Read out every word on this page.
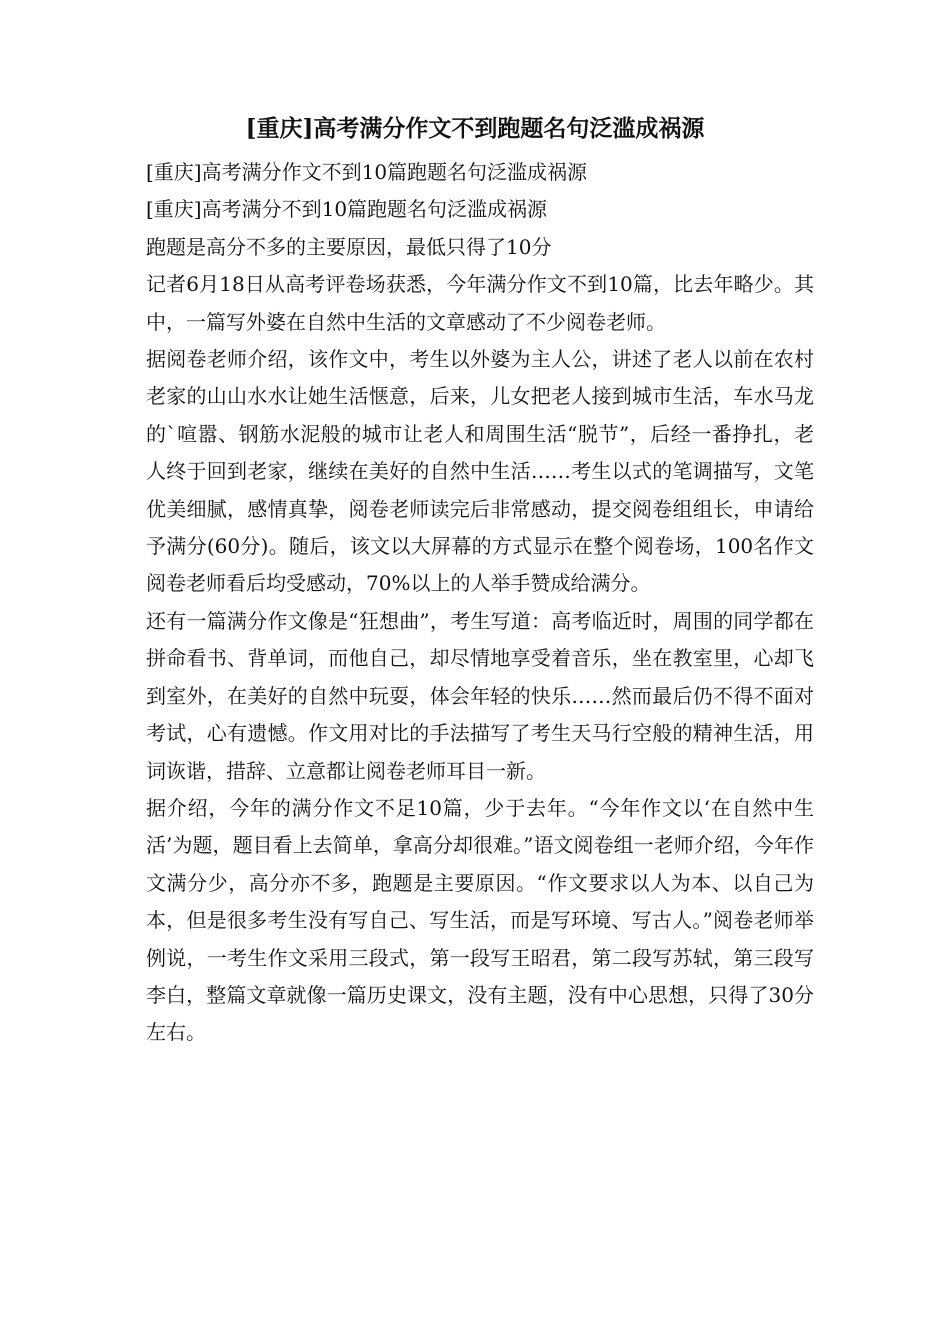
[重庆]高考满分作文不到跑题名句泛滥成祸源

[重庆]高考满分作文不到10篇跑题名句泛滥成祸源

[重庆]高考满分不到10篇跑题名句泛滥成祸源

跑题是高分不多的主要原因，最低只得了10分

记者6月18日从高考评卷场获悉，今年满分作文不到10篇，比去年略少。其中，一篇写外婆在自然中生活的文章感动了不少阅卷老师。

据阅卷老师介绍，该作文中，考生以外婆为主人公，讲述了老人以前在农村老家的山山水水让她生活惬意，后来，儿女把老人接到城市生活，车水马龙的`喧嚣、钢筋水泥般的城市让老人和周围生活“脱节”，后经一番挣扎，老人终于回到老家，继续在美好的自然中生活……考生以式的笔调描写，文笔优美细腻，感情真挚，阅卷老师读完后非常感动，提交阅卷组组长，申请给予满分(60分)。随后，该文以大屏幕的方式显示在整个阅卷场，100名作文阅卷老师看后均受感动，70%以上的人举手赞成给满分。

还有一篇满分作文像是“狂想曲”，考生写道：高考临近时，周围的同学都在拼命看书、背单词，而他自己，却尽情地享受着音乐，坐在教室里，心却飞到室外，在美好的自然中玩耍，体会年轻的快乐……然而最后仍不得不面对考试，心有遗憾。作文用对比的手法描写了考生天马行空般的精神生活，用词诙谐，措辞、立意都让阅卷老师耳目一新。

据介绍，今年的满分作文不足10篇，少于去年。“今年作文以‘在自然中生活’为题，题目看上去简单，拿高分却很难。”语文阅卷组一老师介绍，今年作文满分少，高分亦不多，跑题是主要原因。“作文要求以人为本、以自己为本，但是很多考生没有写自己、写生活，而是写环境、写古人。”阅卷老师举例说，一考生作文采用三段式，第一段写王昭君，第二段写苏轼，第三段写李白，整篇文章就像一篇历史课文，没有主题，没有中心思想，只得了30分左右。
